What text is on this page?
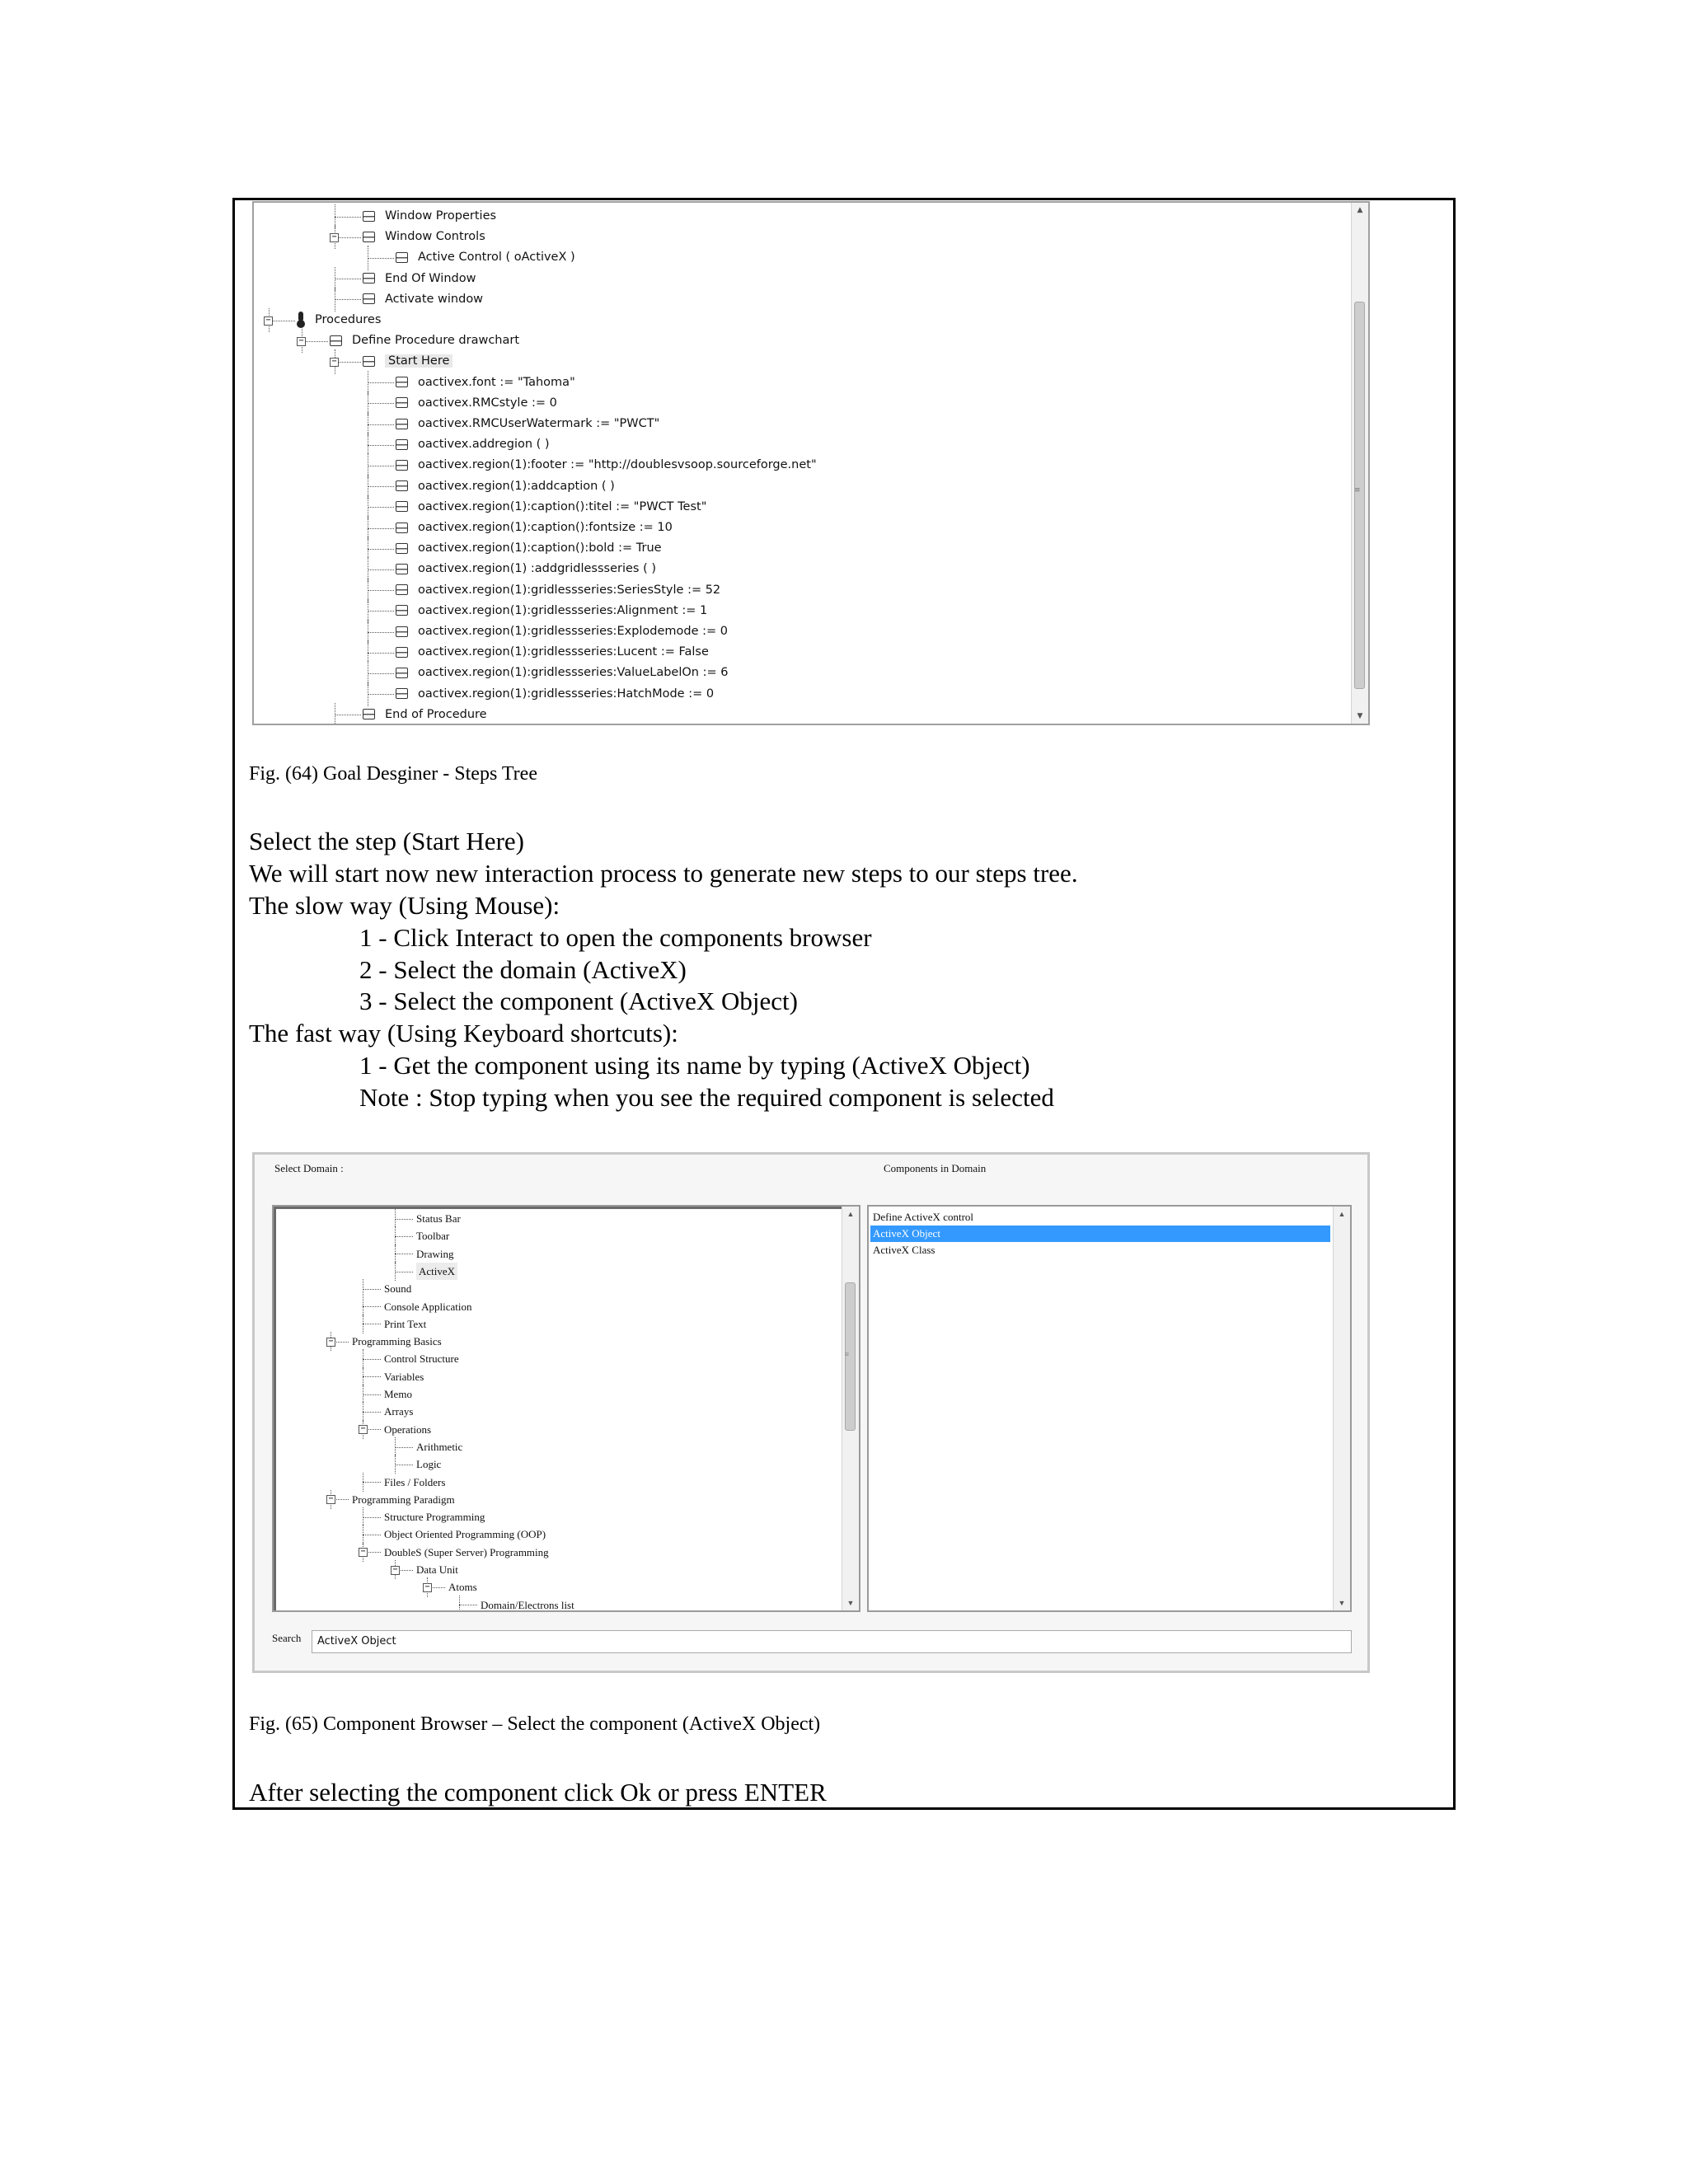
Window Properties
−	Window Controls
Active Control ( oActiveX )
End Of Window
Activate window
−	Procedures
−	Define Procedure drawchart
−	Start Here
oactivex.font := "Tahoma"
oactivex.RMCstyle := 0
oactivex.RMCUserWatermark := "PWCT"
oactivex.addregion ( )
oactivex.region(1):footer := "http://doublesvsoop.sourceforge.net"
oactivex.region(1):addcaption ( )
oactivex.region(1):caption():titel := "PWCT Test"
oactivex.region(1):caption():fontsize := 10
oactivex.region(1):caption():bold := True
oactivex.region(1) :addgridlessseries ( )
oactivex.region(1):gridlessseries:SeriesStyle := 52
oactivex.region(1):gridlessseries:Alignment := 1
oactivex.region(1):gridlessseries:Explodemode := 0
oactivex.region(1):gridlessseries:Lucent := False
oactivex.region(1):gridlessseries:ValueLabelOn := 6
oactivex.region(1):gridlessseries:HatchMode := 0
End of Procedure
▲
≡
▼
Fig. (64) Goal Desginer - Steps Tree
Select the step (Start Here)
We will start now new interaction process to generate new steps to our steps tree.
The slow way (Using Mouse):
1 - Click Interact to open the components browser
2 - Select the domain (ActiveX)
3 - Select the component (ActiveX Object)
The fast way (Using Keyboard shortcuts):
1 - Get the component using its name by typing (ActiveX Object)
Note : Stop typing when you see the required component is selected
Select Domain :	Components in Domain
Status Bar
Toolbar
Drawing
ActiveX
Sound
Console Application
Print Text
− Programming Basics
Control Structure
Variables
Memo
Arrays
− Operations
Arithmetic
Logic
Files / Folders
− Programming Paradigm
Structure Programming
Object Oriented Programming (OOP)
− DoubleS (Super Server) Programming
− Data Unit
− Atoms
Domain/Electrons list
▲
≡
▼
Define ActiveX control
ActiveX Object
ActiveX Class
▲
▼
Search	ActiveX Object
Fig. (65) Component Browser – Select the component (ActiveX Object)
After selecting the component click Ok or press ENTER
